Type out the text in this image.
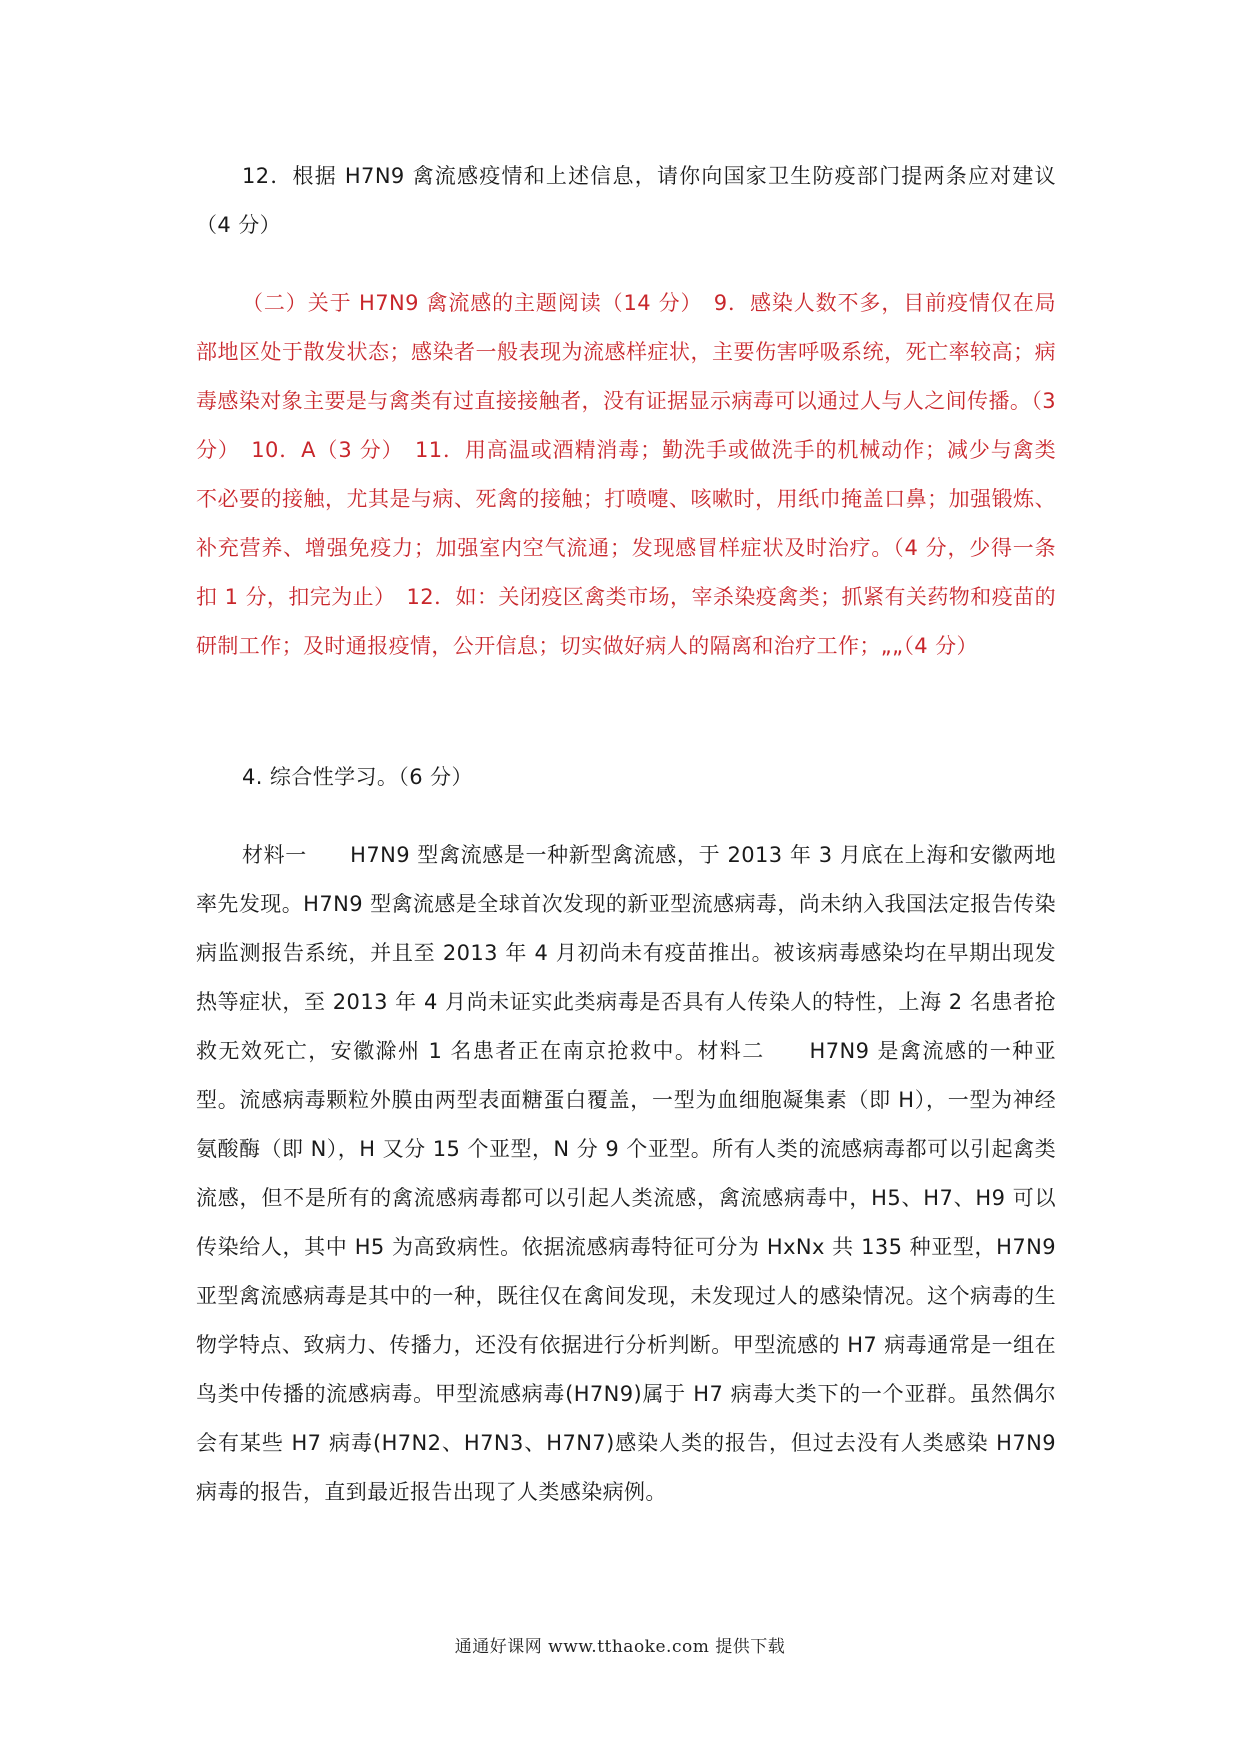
12．根据 H7N9 禽流感疫情和上述信息，请你向国家卫生防疫部门提两条应对建议（4 分）

（二）关于 H7N9 禽流感的主题阅读（14 分）　9．感染人数不多，目前疫情仅在局部地区处于散发状态；感染者一般表现为流感样症状，主要伤害呼吸系统，死亡率较高；病毒感染对象主要是与禽类有过直接接触者，没有证据显示病毒可以通过人与人之间传播。（3 分）　10．A（3 分）　11．用高温或酒精消毒；勤洗手或做洗手的机械动作；减少与禽类不必要的接触，尤其是与病、死禽的接触；打喷嚏、咳嗽时，用纸巾掩盖口鼻；加强锻炼、补充营养、增强免疫力；加强室内空气流通；发现感冒样症状及时治疗。（4 分，少得一条扣 1 分，扣完为止）　12．如：关闭疫区禽类市场，宰杀染疫禽类；抓紧有关药物和疫苗的研制工作；及时通报疫情，公开信息；切实做好病人的隔离和治疗工作；„„（4 分）

4. 综合性学习。（6 分）

材料一　　H7N9 型禽流感是一种新型禽流感，于 2013 年 3 月底在上海和安徽两地率先发现。H7N9 型禽流感是全球首次发现的新亚型流感病毒，尚未纳入我国法定报告传染病监测报告系统，并且至 2013 年 4 月初尚未有疫苗推出。被该病毒感染均在早期出现发热等症状，至 2013 年 4 月尚未证实此类病毒是否具有人传染人的特性，上海 2 名患者抢救无效死亡，安徽滁州 1 名患者正在南京抢救中。材料二　　H7N9 是禽流感的一种亚型。流感病毒颗粒外膜由两型表面糖蛋白覆盖，一型为血细胞凝集素（即 H），一型为神经氨酸酶（即 N），H 又分 15 个亚型，N 分 9 个亚型。所有人类的流感病毒都可以引起禽类流感，但不是所有的禽流感病毒都可以引起人类流感，禽流感病毒中，H5、H7、H9 可以传染给人，其中 H5 为高致病性。依据流感病毒特征可分为 HxNx 共 135 种亚型，H7N9 亚型禽流感病毒是其中的一种，既往仅在禽间发现，未发现过人的感染情况。这个病毒的生物学特点、致病力、传播力，还没有依据进行分析判断。甲型流感的 H7 病毒通常是一组在鸟类中传播的流感病毒。甲型流感病毒(H7N9)属于 H7 病毒大类下的一个亚群。虽然偶尔会有某些 H7 病毒(H7N2、H7N3、H7N7)感染人类的报告，但过去没有人类感染 H7N9 病毒的报告，直到最近报告出现了人类感染病例。

通通好课网 www.tthaoke.com 提供下载
